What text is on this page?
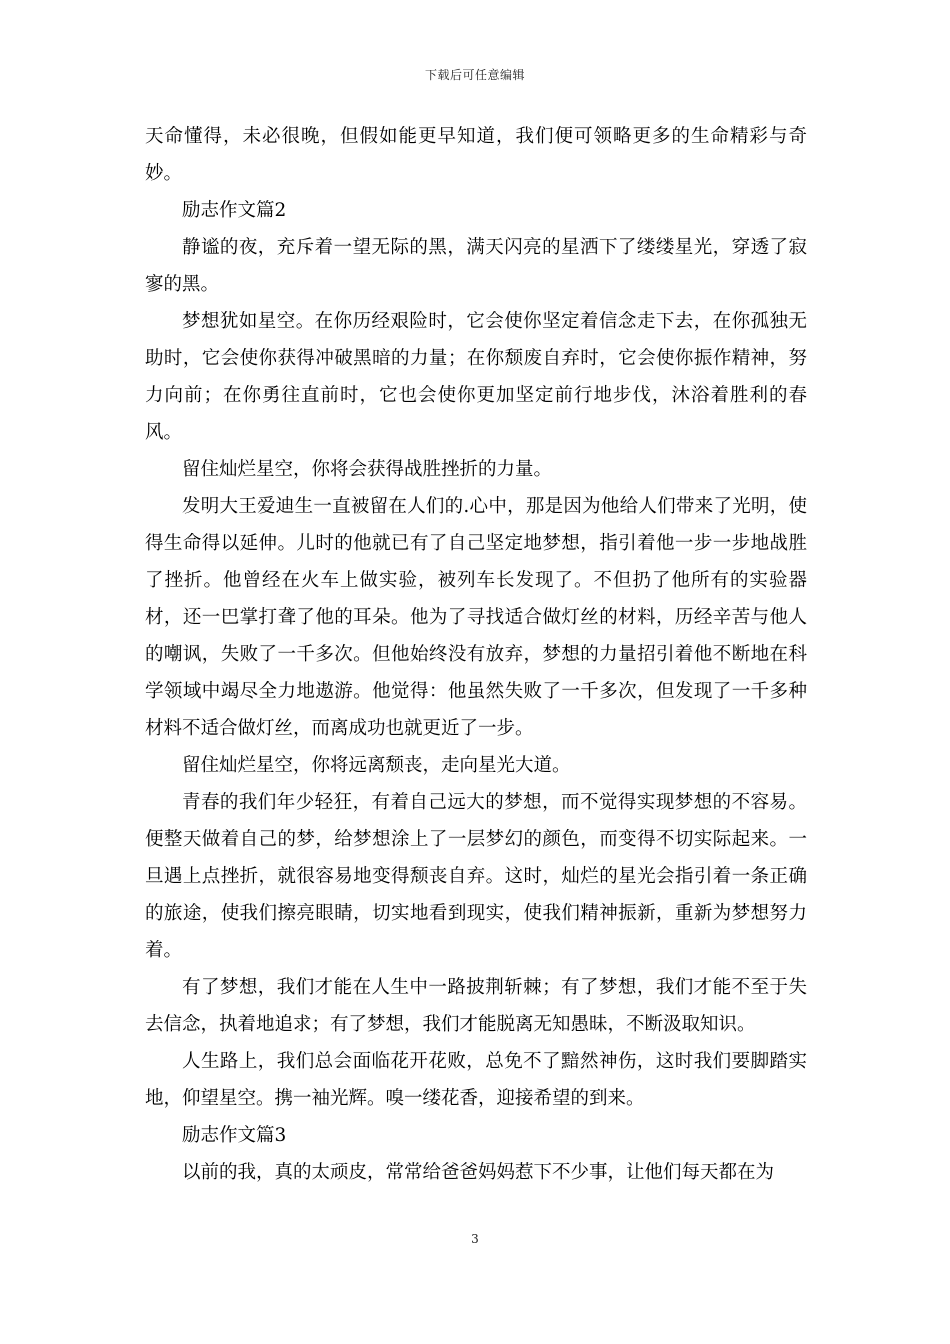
下载后可任意编辑

天命懂得，未必很晚，但假如能更早知道，我们便可领略更多的生命精彩与奇妙。

励志作文篇2

静谧的夜，充斥着一望无际的黑，满天闪亮的星洒下了缕缕星光，穿透了寂寥的黑。

梦想犹如星空。在你历经艰险时，它会使你坚定着信念走下去，在你孤独无助时，它会使你获得冲破黑暗的力量；在你颓废自弃时，它会使你振作精神，努力向前；在你勇往直前时，它也会使你更加坚定前行地步伐，沐浴着胜利的春风。

留住灿烂星空，你将会获得战胜挫折的力量。

发明大王爱迪生一直被留在人们的.心中，那是因为他给人们带来了光明，使得生命得以延伸。儿时的他就已有了自己坚定地梦想，指引着他一步一步地战胜了挫折。他曾经在火车上做实验，被列车长发现了。不但扔了他所有的实验器材，还一巴掌打聋了他的耳朵。他为了寻找适合做灯丝的材料，历经辛苦与他人的嘲讽，失败了一千多次。但他始终没有放弃，梦想的力量招引着他不断地在科学领域中竭尽全力地遨游。他觉得：他虽然失败了一千多次，但发现了一千多种材料不适合做灯丝，而离成功也就更近了一步。

留住灿烂星空，你将远离颓丧，走向星光大道。

青春的我们年少轻狂，有着自己远大的梦想，而不觉得实现梦想的不容易。便整天做着自己的梦，给梦想涂上了一层梦幻的颜色，而变得不切实际起来。一旦遇上点挫折，就很容易地变得颓丧自弃。这时，灿烂的星光会指引着一条正确的旅途，使我们擦亮眼睛，切实地看到现实，使我们精神振新，重新为梦想努力着。

有了梦想，我们才能在人生中一路披荆斩棘；有了梦想，我们才能不至于失去信念，执着地追求；有了梦想，我们才能脱离无知愚昧，不断汲取知识。

人生路上，我们总会面临花开花败，总免不了黯然神伤，这时我们要脚踏实地，仰望星空。携一袖光辉。嗅一缕花香，迎接希望的到来。

励志作文篇3

以前的我，真的太顽皮，常常给爸爸妈妈惹下不少事，让他们每天都在为

3
